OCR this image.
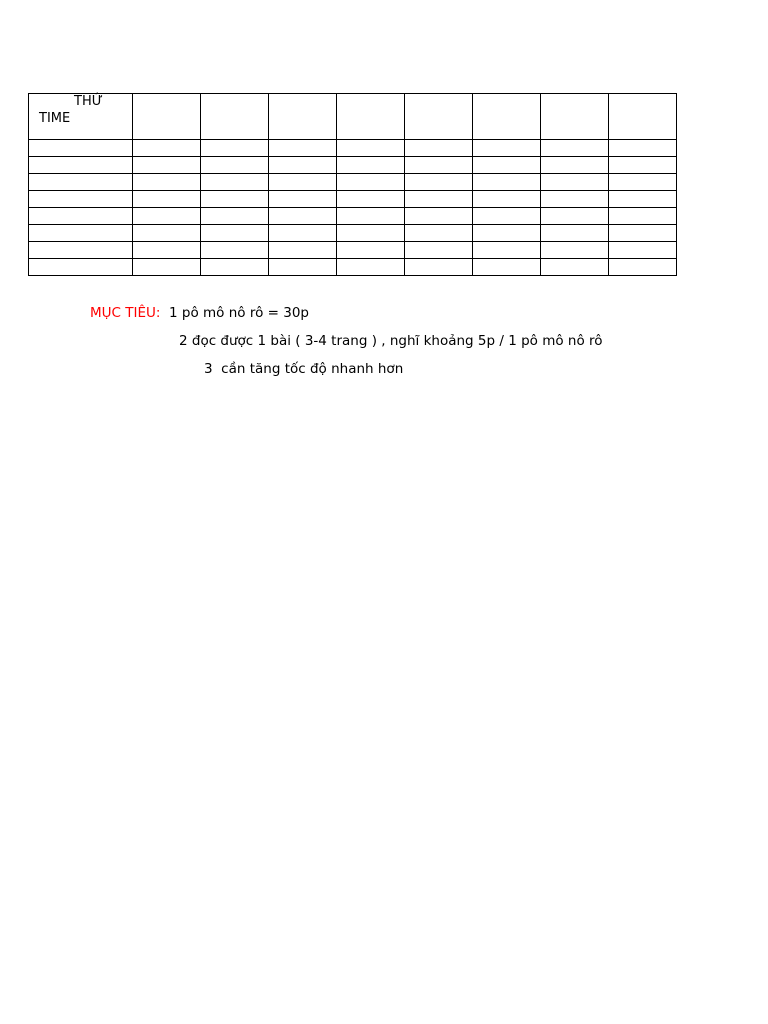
THỨ
TIME								

MỤC TIÊU: 1 pô mô nô rô = 30p
2 đọc được 1 bài ( 3-4 trang ) , nghĩ khoảng 5p / 1 pô mô nô rô
3  cần tăng tốc độ nhanh hơn
